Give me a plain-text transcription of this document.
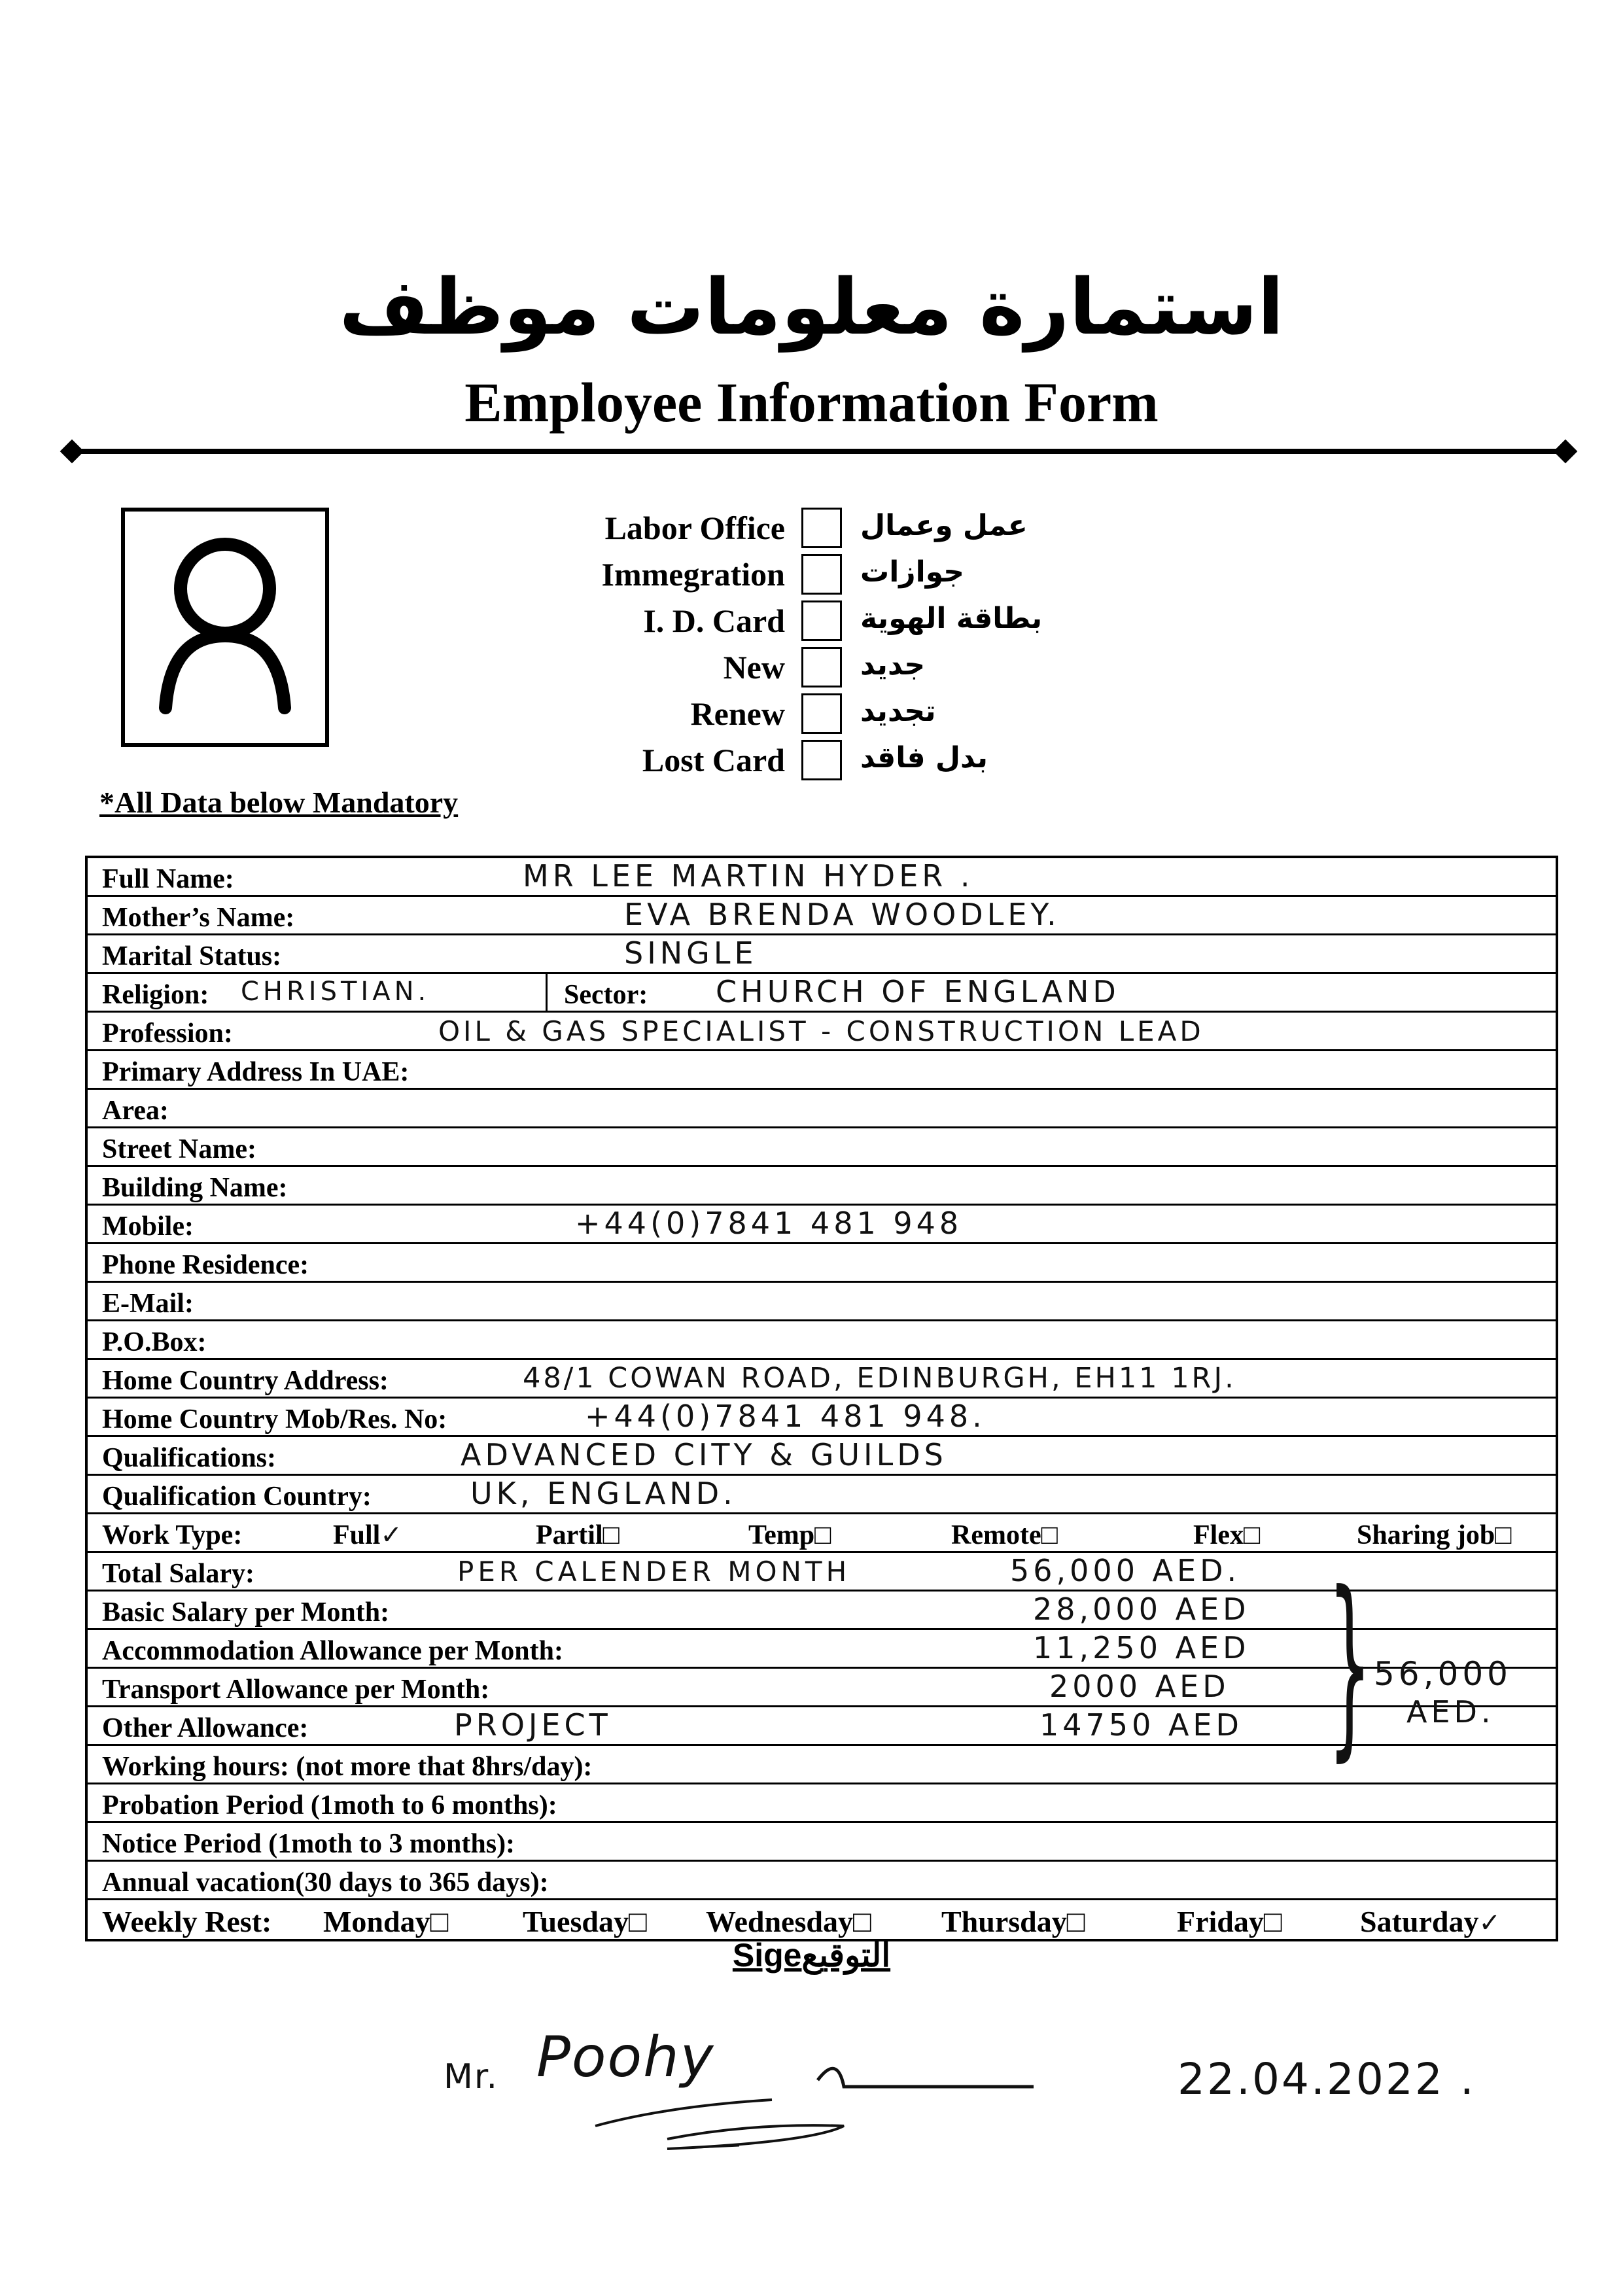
استمارة معلومات موظف
Employee Information Form
Labor Office	عمل وعمال
Immegration	جوازات
I. D. Card	بطاقة الهوية
New	جديد
Renew	تجديد
Lost Card	بدل فاقد
*All Data below Mandatory
Full Name:	MR LEE MARTIN HYDER .
Mother’s Name:	EVA BRENDA WOODLEY.
Marital Status:	SINGLE
Religion: CHRISTIAN.	Sector: CHURCH OF ENGLAND
Profession:	OIL & GAS SPECIALIST - CONSTRUCTION LEAD
Primary Address In UAE:
Area:
Street Name:
Building Name:
Mobile:	+44(0)7841 481 948
Phone Residence:
E-Mail:
P.O.Box:
Home Country Address:	48/1 COWAN ROAD, EDINBURGH, EH11 1RJ.
Home Country Mob/Res. No:	+44(0)7841 481 948.
Qualifications:	ADVANCED CITY & GUILDS
Qualification Country:	UK, ENGLAND.
Work Type:	Full✓	Partil□	Temp□	Remote□	Flex□	Sharing job□
Total Salary:	PER CALENDER MONTH	56,000 AED.
Basic Salary per Month:	28,000 AED
Accommodation Allowance per Month:	11,250 AED
Transport Allowance per Month:	2000 AED
Other Allowance:	PROJECT	14750 AED
Working hours: (not more that 8hrs/day):
Probation Period (1moth to 6 months):
Notice Period (1moth to 3 months):
Annual vacation(30 days to 365 days):
Weekly Rest: Monday□ Tuesday□ Wednesday□ Thursday□	Friday□	Saturday✓
} 56,000
AED.
Sigeالتوقيع
Mr. Poohy	22.04.2022 .
